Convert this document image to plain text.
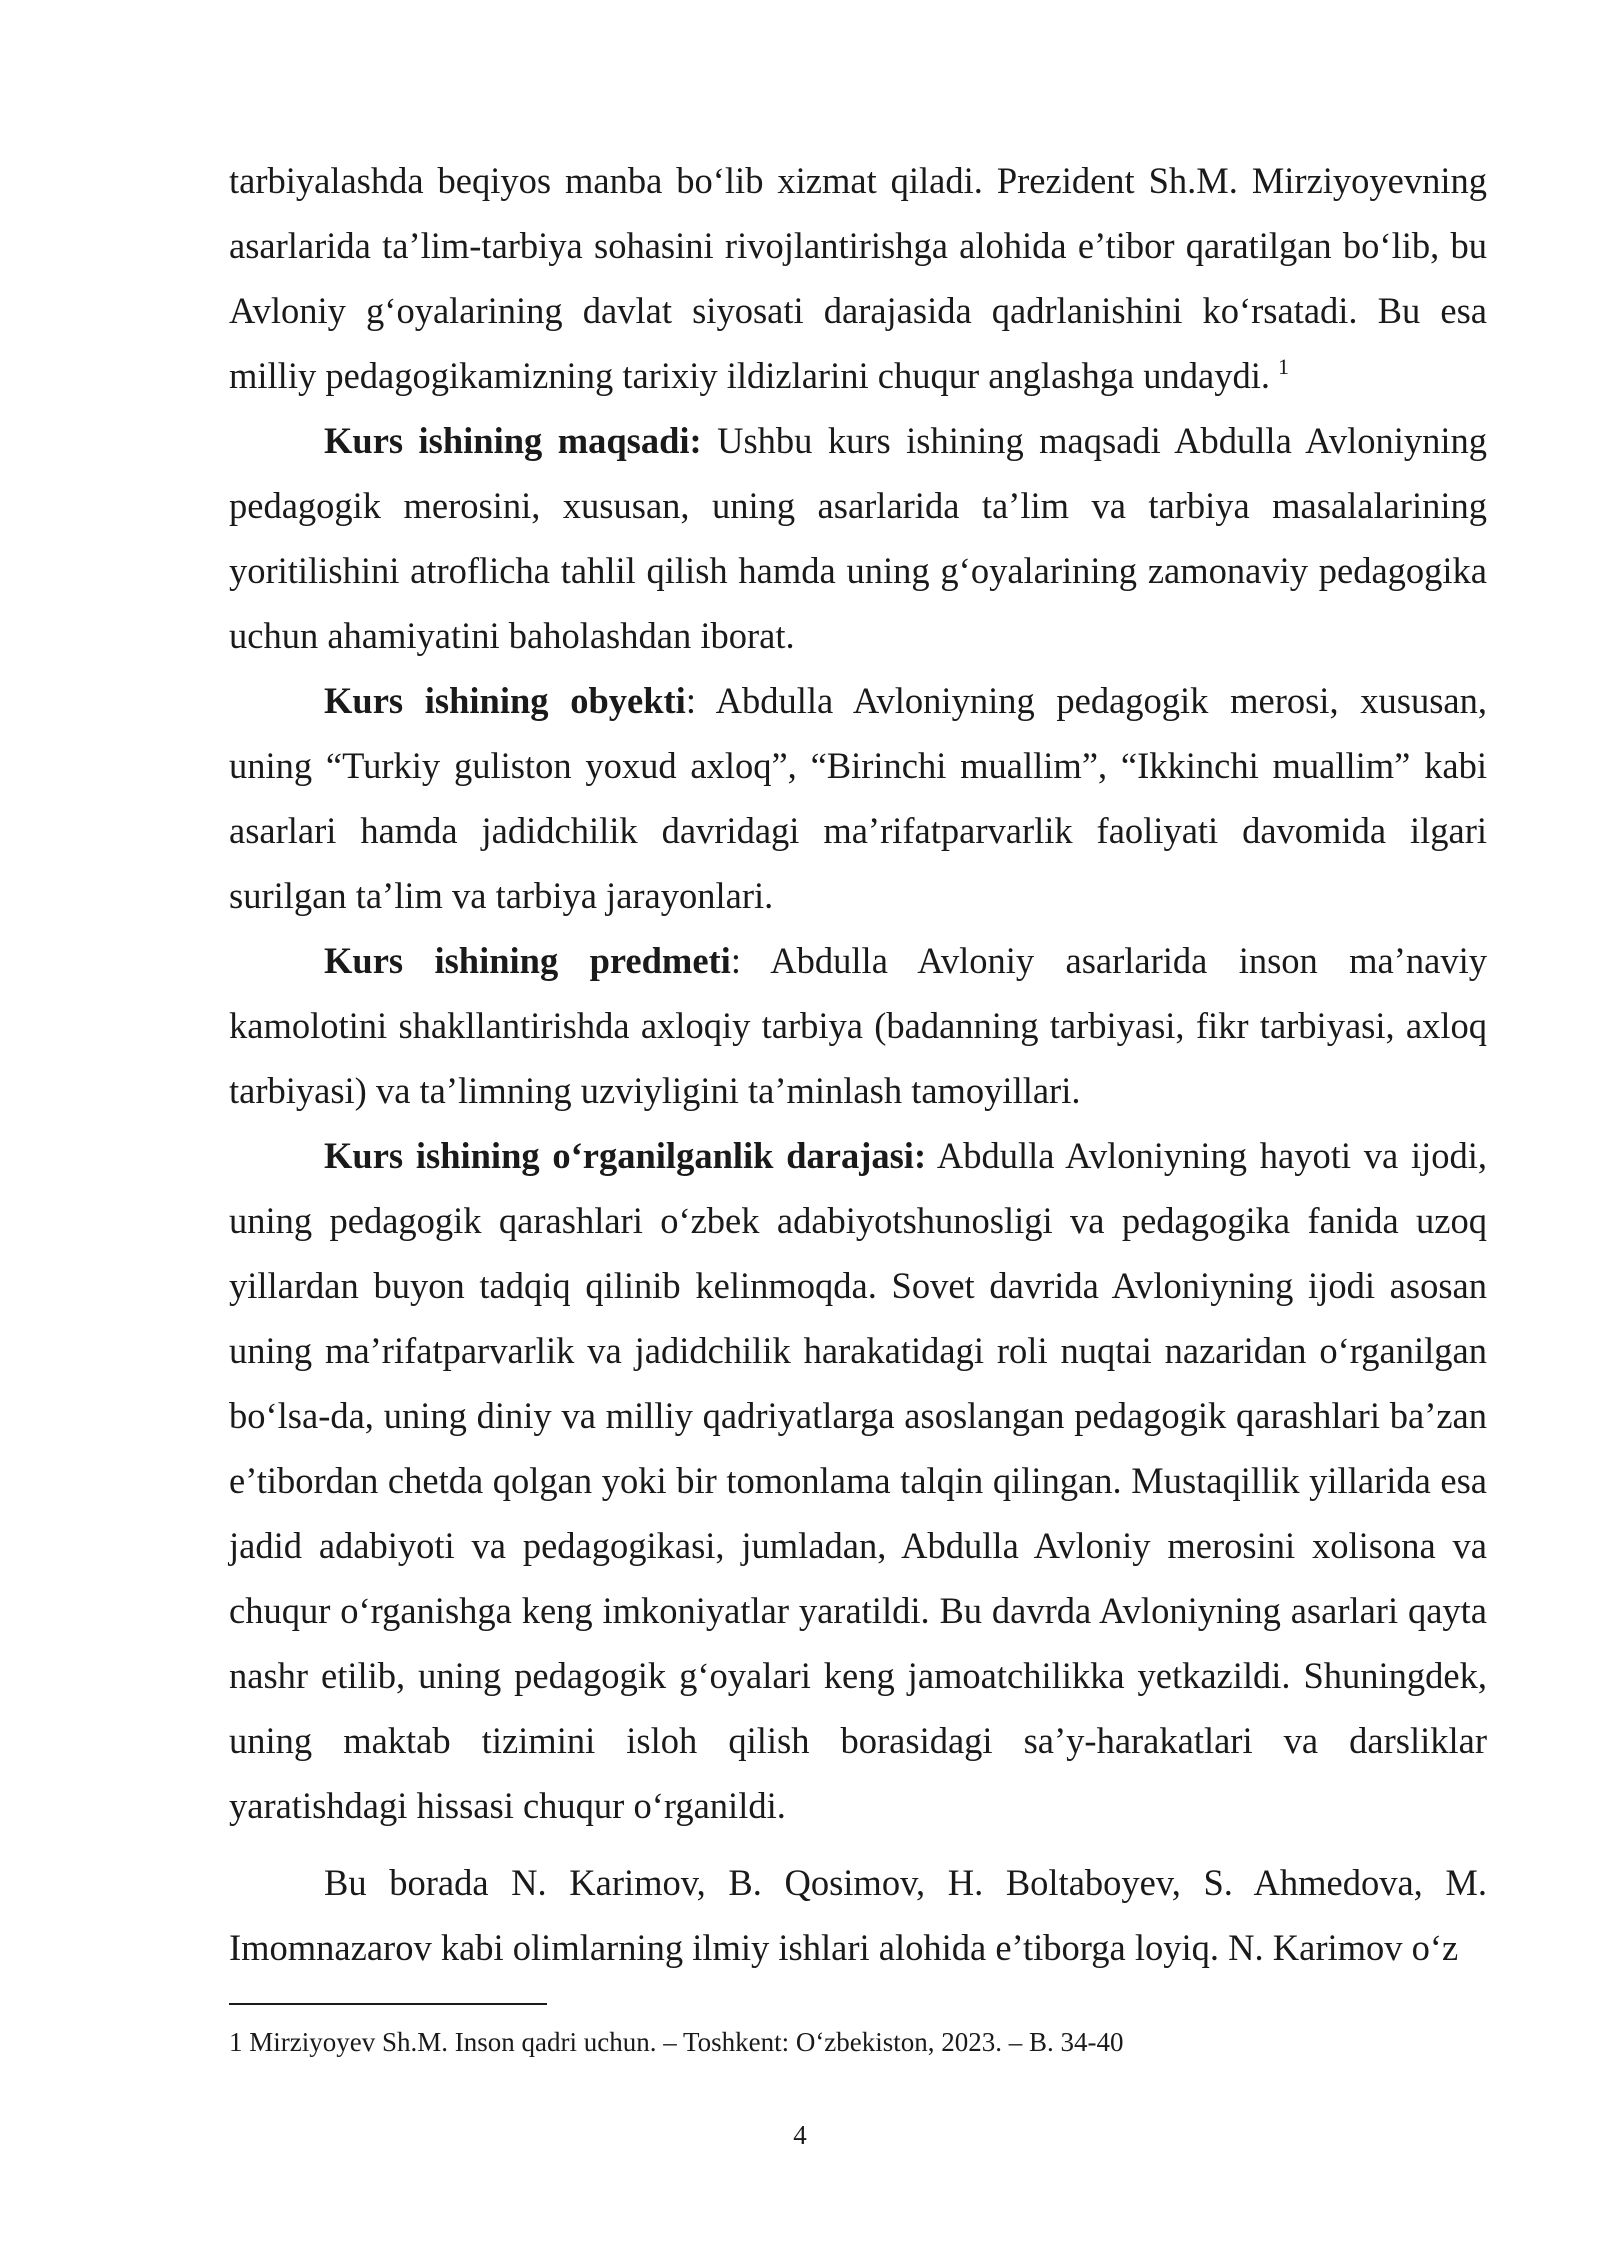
tarbiyalashda beqiyos manba bo‘lib xizmat qiladi. Prezident Sh.M. Mirziyoyevning asarlarida ta’lim-tarbiya sohasini rivojlantirishga alohida e’tibor qaratilgan bo‘lib, bu Avloniy g‘oyalarining davlat siyosati darajasida qadrlanishini ko‘rsatadi. Bu esa milliy pedagogikamizning tarixiy ildizlarini chuqur anglashga undaydi. $^1$

Kurs ishining maqsadi: Ushbu kurs ishining maqsadi Abdulla Avloniyning pedagogik merosini, xususan, uning asarlarida ta’lim va tarbiya masalalarining yoritilishini atroflicha tahlil qilish hamda uning g‘oyalarining zamonaviy pedagogika uchun ahamiyatini baholashdan iborat.

Kurs ishining obyekti: Abdulla Avloniyning pedagogik merosi, xususan, uning “Turkiy guliston yoxud axloq”, “Birinchi muallim”, “Ikkinchi muallim” kabi asarlari hamda jadidchilik davridagi ma’rifatparvarlik faoliyati davomida ilgari surilgan ta’lim va tarbiya jarayonlari.

Kurs ishining predmeti: Abdulla Avloniy asarlarida inson ma’naviy kamolotini shakllantirishda axloqiy tarbiya (badanning tarbiyasi, fikr tarbiyasi, axloq tarbiyasi) va ta’limning uzviyligini ta’minlash tamoyillari.

Kurs ishining o‘rganilganlik darajasi: Abdulla Avloniyning hayoti va ijodi, uning pedagogik qarashlari o‘zbek adabiyotshunosligi va pedagogika fanida uzoq yillardan buyon tadqiq qilinib kelinmoqda. Sovet davrida Avloniyning ijodi asosan uning ma’rifatparvarlik va jadidchilik harakatidagi roli nuqtai nazaridan o‘rganilgan bo‘lsa-da, uning diniy va milliy qadriyatlarga asoslangan pedagogik qarashlari ba’zan e’tibordan chetda qolgan yoki bir tomonlama talqin qilingan. Mustaqillik yillarida esa jadid adabiyoti va pedagogikasi, jumladan, Abdulla Avloniy merosini xolisona va chuqur o‘rganishga keng imkoniyatlar yaratildi. Bu davrda Avloniyning asarlari qayta nashr etilib, uning pedagogik g‘oyalari keng jamoatchilikka yetkazildi. Shuningdek, uning maktab tizimini isloh qilish borasidagi sa’y-harakatlari va darsliklar yaratishdagi hissasi chuqur o‘rganildi.

Bu borada N. Karimov, B. Qosimov, H. Boltaboyev, S. Ahmedova, M. Imomnazarov kabi olimlarning ilmiy ishlari alohida e’tiborga loyiq. N. Karimov o‘z

1 Mirziyoyev Sh.M. Inson qadri uchun. – Toshkent: O‘zbekiston, 2023. – B. 34-40
4
